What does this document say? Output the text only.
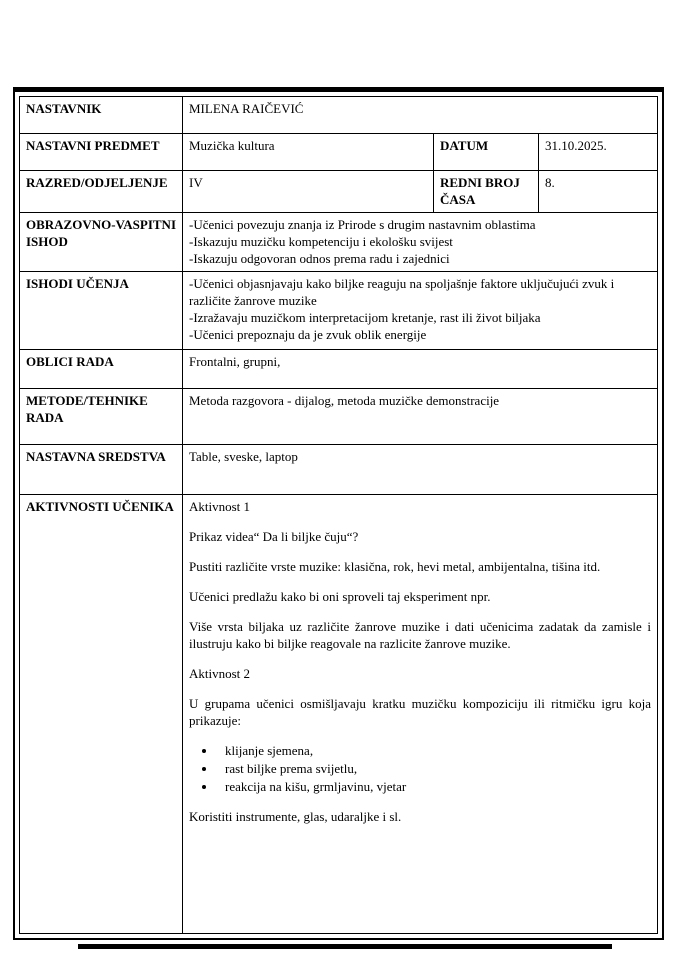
NASTAVNIK	MILENA RAIČEVIĆ		
NASTAVNI PREDMET	Muzička kultura	DATUM	31.10.2025.
RAZRED/ODJELJENJE	IV	REDNI BROJ ČASA	8.
OBRAZOVNO-VASPITNI ISHOD	-Učenici povezuju znanja iz Prirode s drugim nastavnim oblastima
-Iskazuju muzičku kompetenciju i ekološku svijest
-Iskazuju odgovoran odnos prema radu i zajednici		

ISHODI UČENJA	-Učenici objasnjavaju kako biljke reaguju na spoljašnje faktore uključujući zvuk i različite žanrove muzike
-Izražavaju muzičkom interpretacijom kretanje, rast ili život biljaka
-Učenici prepoznaju da je zvuk oblik energije		

OBLICI RADA	Frontalni, grupni,		
METODE/TEHNIKE RADA	Metoda razgovora - dijalog, metoda muzičke demonstracije		
NASTAVNA SREDSTVA	Table, sveske, laptop		
AKTIVNOSTI UČENIKA	Aktivnost 1

Prikaz videa“ Da li biljke čuju“?

Pustiti različite vrste muzike: klasična, rok, hevi metal, ambijentalna, tišina itd.

Učenici predlažu kako bi oni sproveli taj eksperiment npr.

Više vrsta biljaka uz različite žanrove muzike i dati učenicima zadatak da zamisle i ilustruju kako bi biljke reagovale na razlicite žanrove muzike.

Aktivnost 2

U grupama učenici osmišljavaju kratku muzičku kompoziciju ili ritmičku igru koja prikazuje:

• klijanje sjemena,
• rast biljke prema svijetlu,
• reakcija na kišu, grmljavinu, vjetar

Koristiti instrumente, glas, udaraljke i sl.
